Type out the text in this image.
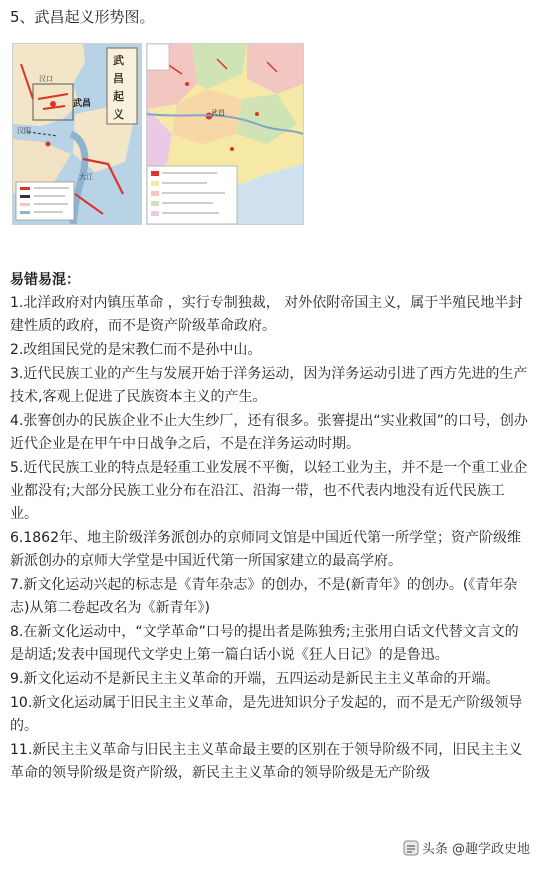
5、武昌起义形势图。
武
昌
起
义
汉阳
武昌
汉口
大江
武昌
易错易混：

1.北洋政府对内镇压革命 ，实行专制独裁， 对外依附帝国主义，属于半殖民地半封建性质的政府，而不是资产阶级革命政府。

2.改组国民党的是宋教仁而不是孙中山。

3.近代民族工业的产生与发展开始于洋务运动，因为洋务运动引进了西方先进的生产技术,客观上促进了民族资本主义的产生。

4.张謇创办的民族企业不止大生纱厂，还有很多。张謇提出“实业救国”的口号，创办近代企业是在甲午中日战争之后，不是在洋务运动时期。

5.近代民族工业的特点是轻重工业发展不平衡，以轻工业为主，并不是一个重工业企业都没有;大部分民族工业分布在沿江、沿海一带，也不代表内地没有近代民族工业。

6.1862年、地主阶级洋务派创办的京师同文馆是中国近代第一所学堂；资产阶级维新派创办的京师大学堂是中国近代第一所国家建立的最高学府。

7.新文化运动兴起的标志是《青年杂志》的创办，不是(新青年》的创办。(《青年杂志)从第二卷起改名为《新青年》)

8.在新文化运动中，“文学革命”口号的提出者是陈独秀;主张用白话文代替文言文的是胡适;发表中国现代文学史上第一篇白话小说《狂人日记》的是鲁迅。

9.新文化运动不是新民主主义革命的开端，五四运动是新民主主义革命的开端。

10.新文化运动属于旧民主主义革命，是先进知识分子发起的，而不是无产阶级领导的。

11.新民主主义革命与旧民主主义革命最主要的区别在于领导阶级不同，旧民主主义革命的领导阶级是资产阶级，新民主主义革命的领导阶级是无产阶级

头条 @趣学政史地
